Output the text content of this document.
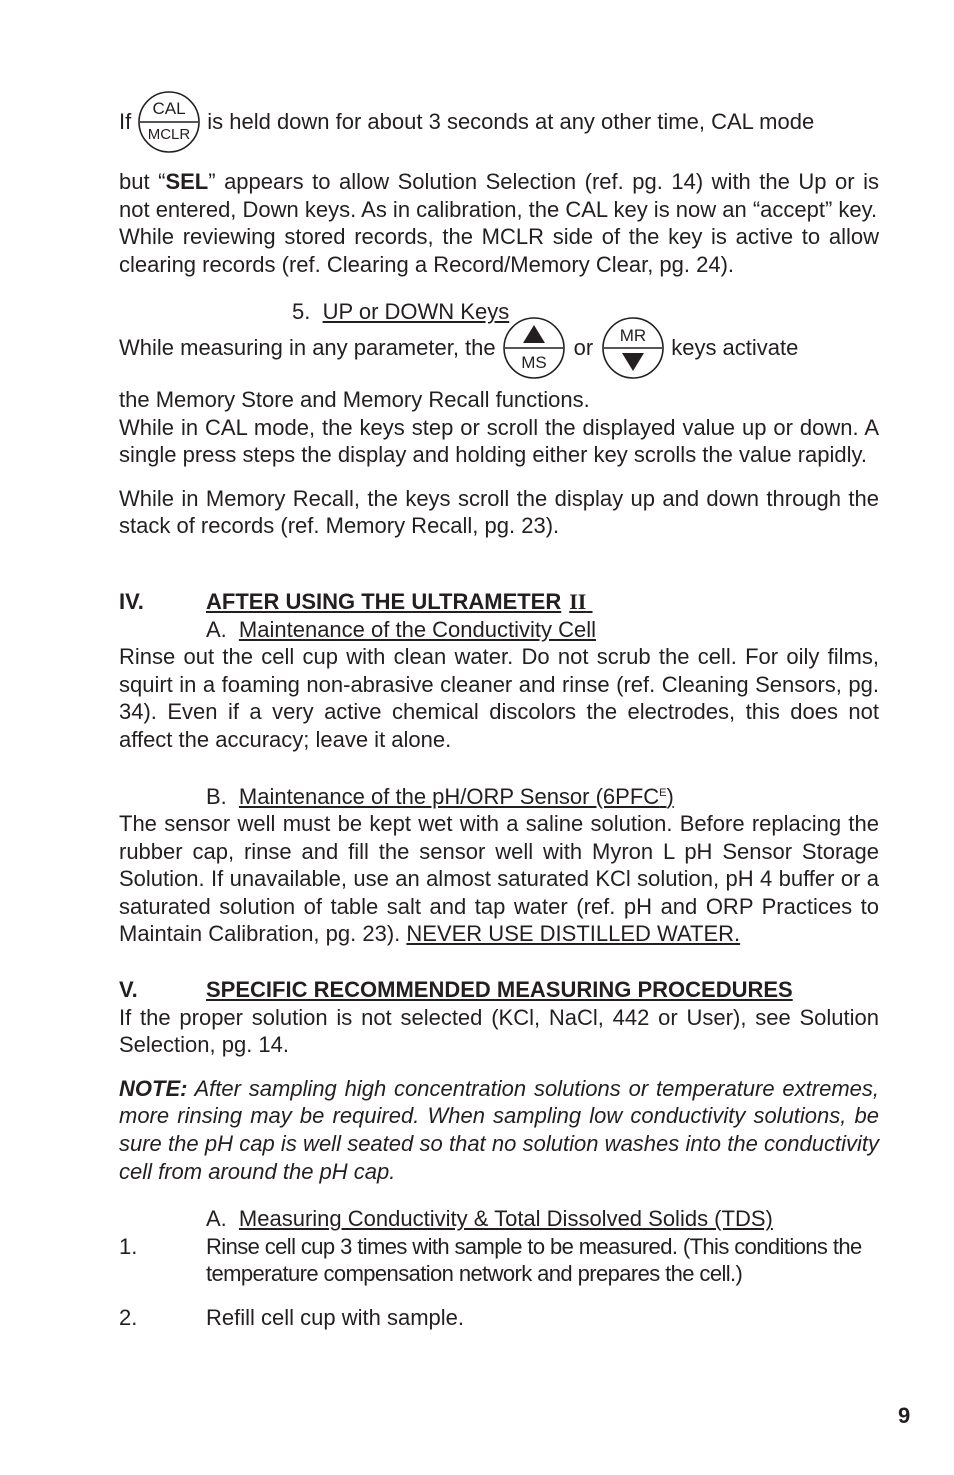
If
CAL
MCLR
is held down for about 3 seconds at any other time, CAL mode

but “SEL” appears to allow Solution Selection (ref. pg. 14) with the Up or is not entered, Down keys. As in calibration, the CAL key is now an “accept” key.

While reviewing stored records, the MCLR side of the key is active to allow clearing records (ref. Clearing a Record/Memory Clear, pg. 24).

5. UP or DOWN Keys

While measuring in any parameter, the
MS
or MR keys activate

the Memory Store and Memory Recall functions.

While in CAL mode, the keys step or scroll the displayed value up or down. A single press steps the display and holding either key scrolls the value rapidly.

While in Memory Recall, the keys scroll the display up and down through the stack of records (ref. Memory Recall, pg. 23).

IV.	AFTER USING THE ULTRAMETER II

A. Maintenance of the Conductivity Cell

Rinse out the cell cup with clean water. Do not scrub the cell. For oily films, squirt in a foaming non-abrasive cleaner and rinse (ref. Cleaning Sensors, pg. 34). Even if a very active chemical discolors the electrodes, this does not affect the accuracy; leave it alone.

B. Maintenance of the pH/ORP Sensor $(6PFC^E)$

The sensor well must be kept wet with a saline solution. Before replacing the rubber cap, rinse and fill the sensor well with Myron L pH Sensor Storage Solution. If unavailable, use an almost saturated KCl solution, pH 4 buffer or a saturated solution of table salt and tap water (ref. pH and ORP Practices to Maintain Calibration, pg. 23). NEVER USE DISTILLED WATER.

V.	SPECIFIC RECOMMENDED MEASURING PROCEDURES

If the proper solution is not selected (KCl, NaCl, 442 or User), see Solution Selection, pg. 14.

NOTE: After sampling high concentration solutions or temperature extremes, more rinsing may be required. When sampling low conductivity solutions, be sure the pH cap is well seated so that no solution washes into the conductivity cell from around the pH cap.

A. Measuring Conductivity & Total Dissolved Solids (TDS)

1.	Rinse cell cup 3 times with sample to be measured. (This conditions the temperature compensation network and prepares the cell.)
2.	Refill cell cup with sample.
9
